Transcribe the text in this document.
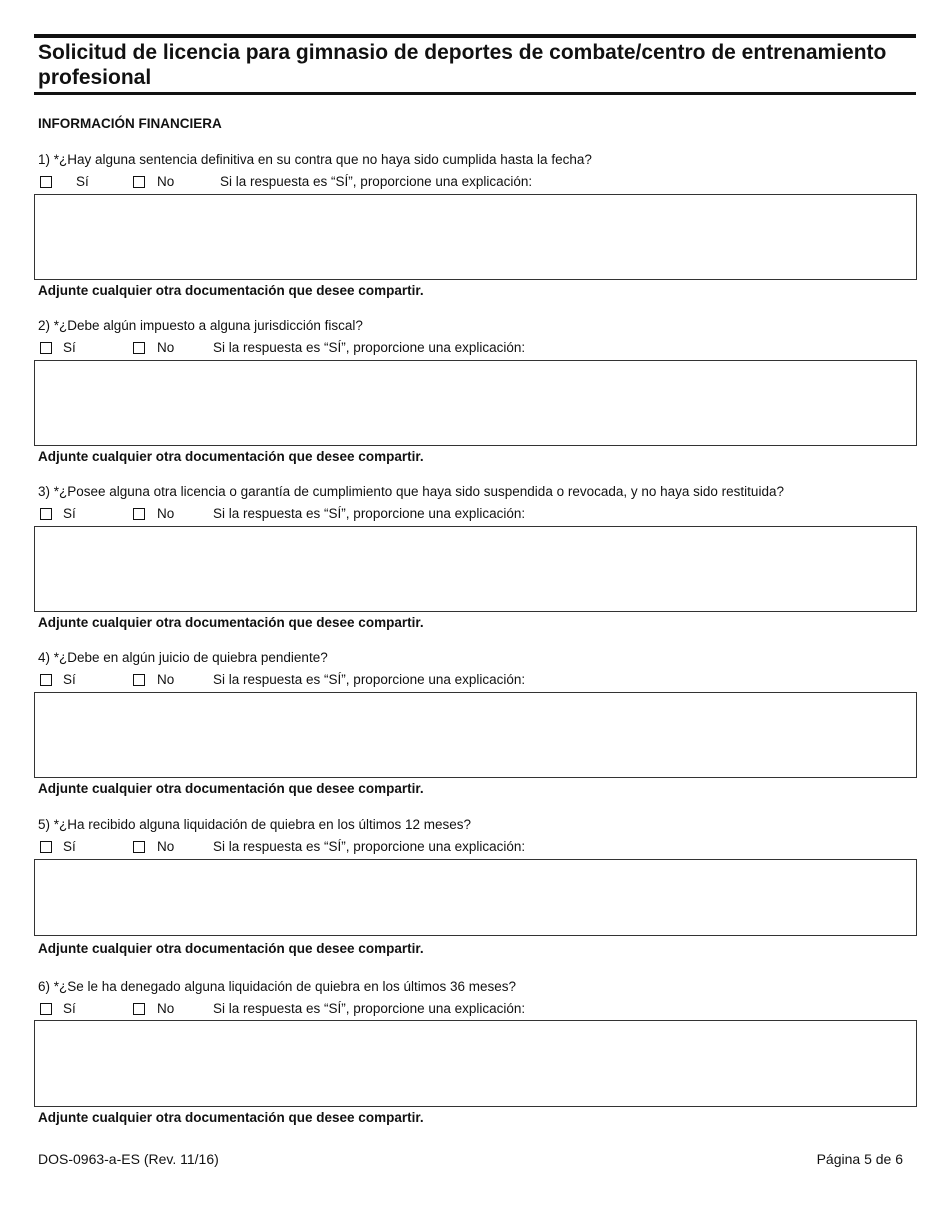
Solicitud de licencia para gimnasio de deportes de combate/centro de entrenamiento profesional
INFORMACIÓN FINANCIERA
1) *¿Hay alguna sentencia definitiva en su contra que no haya sido cumplida hasta la fecha?
Sí	No	Si la respuesta es “SÍ”, proporcione una explicación:
Adjunte cualquier otra documentación que desee compartir.
2) *¿Debe algún impuesto a alguna jurisdicción fiscal?
Sí	No	Si la respuesta es “SÍ”, proporcione una explicación:
Adjunte cualquier otra documentación que desee compartir.
3) *¿Posee alguna otra licencia o garantía de cumplimiento que haya sido suspendida o revocada, y no haya sido restituida?
Sí	No	Si la respuesta es “SÍ”, proporcione una explicación:
Adjunte cualquier otra documentación que desee compartir.
4) *¿Debe en algún juicio de quiebra pendiente?
Sí	No	Si la respuesta es “SÍ”, proporcione una explicación:
Adjunte cualquier otra documentación que desee compartir.
5) *¿Ha recibido alguna liquidación de quiebra en los últimos 12 meses?
Sí	No	Si la respuesta es “SÍ”, proporcione una explicación:
Adjunte cualquier otra documentación que desee compartir.
6) *¿Se le ha denegado alguna liquidación de quiebra en los últimos 36 meses?
Sí	No	Si la respuesta es “SÍ”, proporcione una explicación:
Adjunte cualquier otra documentación que desee compartir.
DOS-0963-a-ES (Rev. 11/16)	Página 5 de 6
